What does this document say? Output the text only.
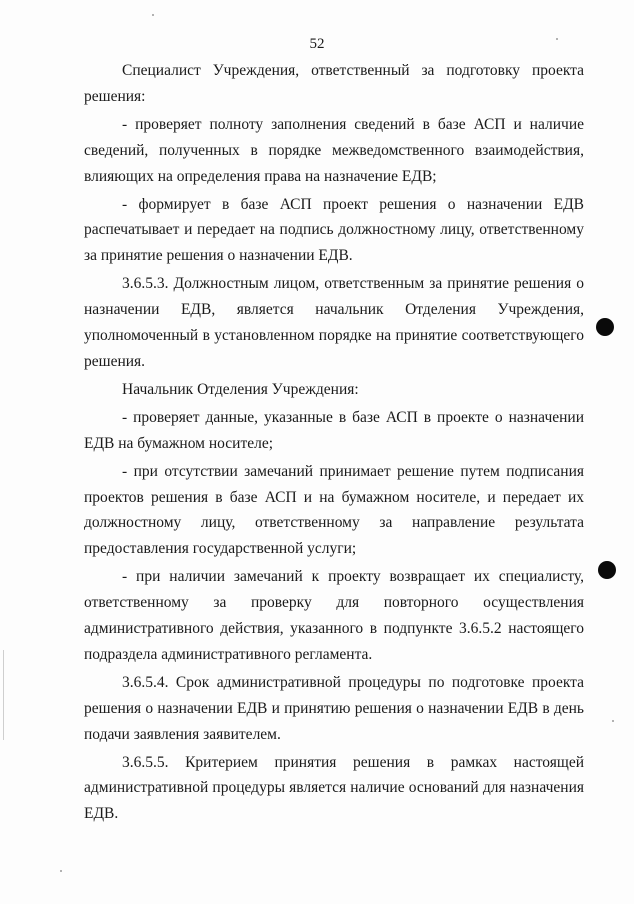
52

Специалист Учреждения, ответственный за подготовку проекта решения:

- проверяет полноту заполнения сведений в базе АСП и наличие сведений, полученных в порядке межведомственного взаимодействия, влияющих на определения права на назначение ЕДВ;

- формирует в базе АСП проект решения о назначении ЕДВ распечатывает и передает на подпись должностному лицу, ответственному за принятие решения о назначении ЕДВ.

3.6.5.3. Должностным лицом, ответственным за принятие решения о назначении ЕДВ, является начальник Отделения Учреждения, уполномоченный в установленном порядке на принятие соответствующего решения.

Начальник Отделения Учреждения:

- проверяет данные, указанные в базе АСП в проекте о назначении ЕДВ на бумажном носителе;

- при отсутствии замечаний принимает решение путем подписания проектов решения в базе АСП и на бумажном носителе, и передает их должностному лицу, ответственному за направление результата предоставления государственной услуги;

- при наличии замечаний к проекту возвращает их специалисту, ответственному за проверку для повторного осуществления административного действия, указанного в подпункте 3.6.5.2 настоящего подраздела административного регламента.

3.6.5.4. Срок административной процедуры по подготовке проекта решения о назначении ЕДВ и принятию решения о назначении ЕДВ в день подачи заявления заявителем.

3.6.5.5. Критерием принятия решения в рамках настоящей административной процедуры является наличие оснований для назначения ЕДВ.
